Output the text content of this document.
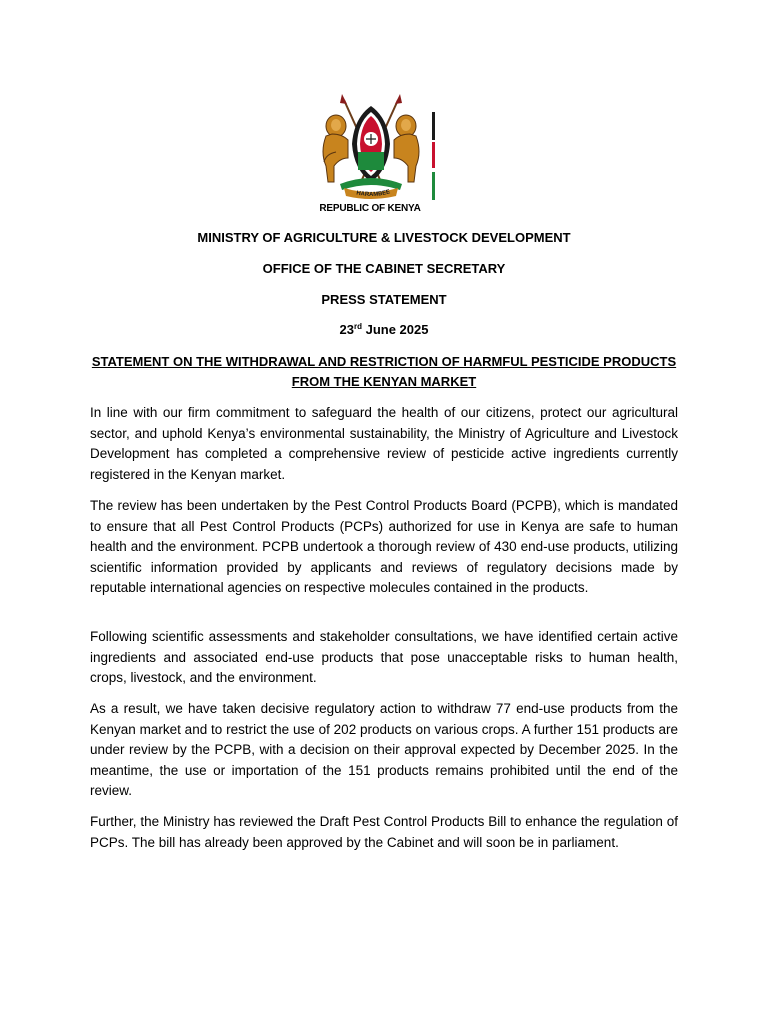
HARAMBEE
REPUBLIC OF KENYA
MINISTRY OF AGRICULTURE & LIVESTOCK DEVELOPMENT
OFFICE OF THE CABINET SECRETARY
PRESS STATEMENT
23rd June 2025
STATEMENT ON THE WITHDRAWAL AND RESTRICTION OF HARMFUL PESTICIDE PRODUCTS FROM THE KENYAN MARKET

In line with our firm commitment to safeguard the health of our citizens, protect our agricultural sector, and uphold Kenya’s environmental sustainability, the Ministry of Agriculture and Livestock Development has completed a comprehensive review of pesticide active ingredients currently registered in the Kenyan market.

The review has been undertaken by the Pest Control Products Board (PCPB), which is mandated to ensure that all Pest Control Products (PCPs) authorized for use in Kenya are safe to human health and the environment. PCPB undertook a thorough review of 430 end-use products, utilizing scientific information provided by applicants and reviews of regulatory decisions made by reputable international agencies on respective molecules contained in the products.

Following scientific assessments and stakeholder consultations, we have identified certain active ingredients and associated end-use products that pose unacceptable risks to human health, crops, livestock, and the environment.

As a result, we have taken decisive regulatory action to withdraw 77 end-use products from the Kenyan market and to restrict the use of 202 products on various crops. A further 151 products are under review by the PCPB, with a decision on their approval expected by December 2025. In the meantime, the use or importation of the 151 products remains prohibited until the end of the review.

Further, the Ministry has reviewed the Draft Pest Control Products Bill to enhance the regulation of PCPs. The bill has already been approved by the Cabinet and will soon be in parliament.
